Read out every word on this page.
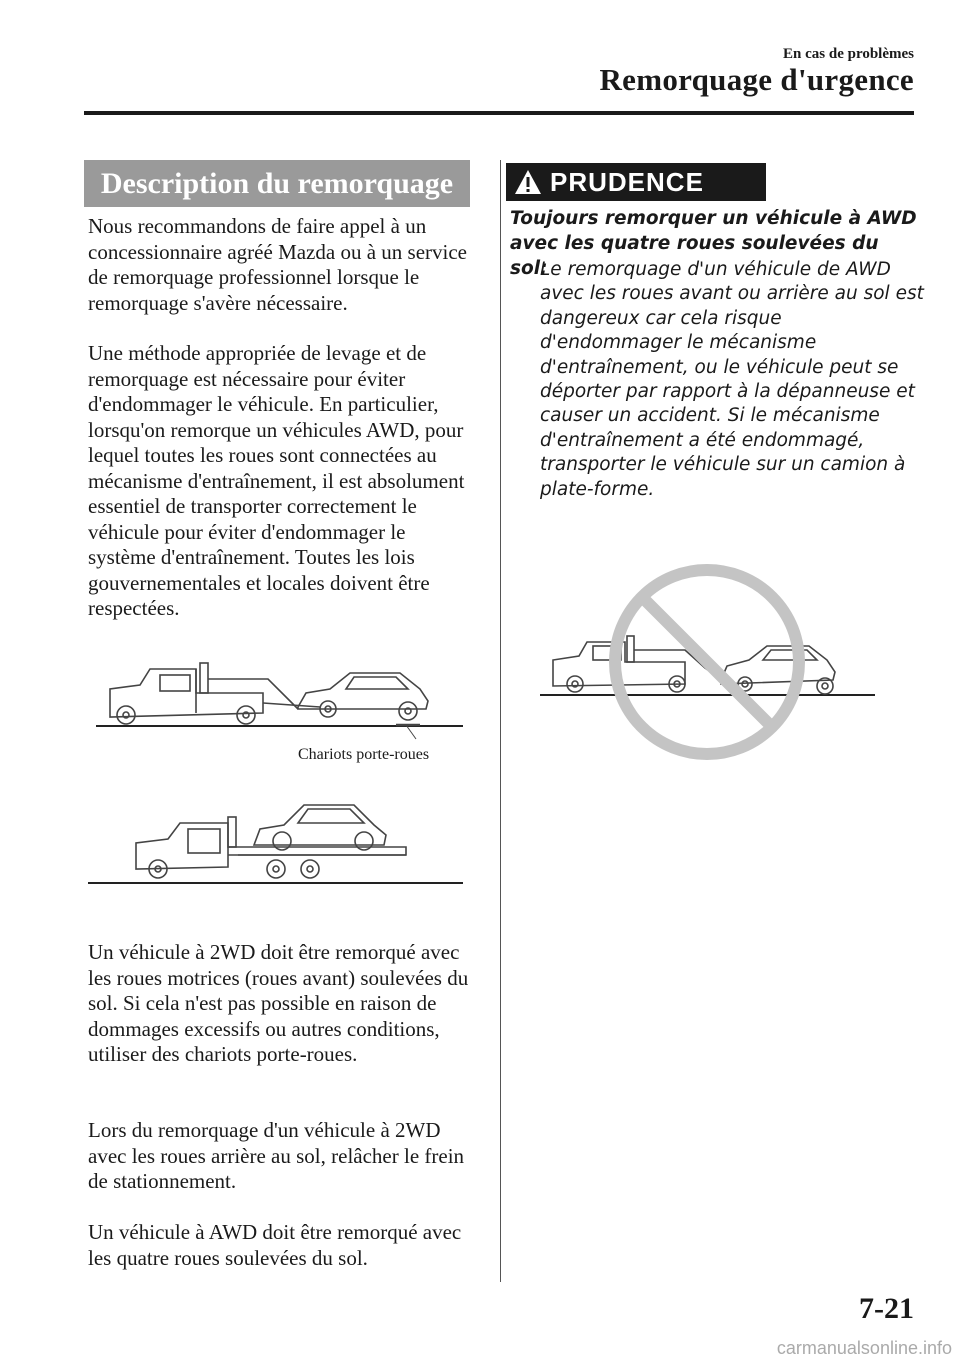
En cas de problèmes
Remorquage d'urgence
Description du remorquage

Nous recommandons de faire appel à un concessionnaire agréé Mazda ou à un service de remorquage professionnel lorsque le remorquage s'avère nécessaire.

Une méthode appropriée de levage et de remorquage est nécessaire pour éviter d'endommager le véhicule. En particulier, lorsqu'on remorque un véhicules AWD, pour lequel toutes les roues sont connectées au mécanisme d'entraînement, il est absolument essentiel de transporter correctement le véhicule pour éviter d'endommager le système d'entraînement. Toutes les lois gouvernementales et locales doivent être respectées.

Chariots porte-roues

Un véhicule à 2WD doit être remorqué avec les roues motrices (roues avant) soulevées du sol. Si cela n'est pas possible en raison de dommages excessifs ou autres conditions, utiliser des chariots porte-roues.

Lors du remorquage d'un véhicule à 2WD avec les roues arrière au sol, relâcher le frein de stationnement.

Un véhicule à AWD doit être remorqué avec les quatre roues soulevées du sol.

PRUDENCE
Toujours remorquer un véhicule à AWD avec les quatre roues soulevées du sol:
Le remorquage d'un véhicule de AWD avec les roues avant ou arrière au sol est dangereux car cela risque d'endommager le mécanisme d'entraînement, ou le véhicule peut se déporter par rapport à la dépanneuse et causer un accident. Si le mécanisme d'entraînement a été endommagé, transporter le véhicule sur un camion à plate-forme.
7-21
carmanualsonline.info
